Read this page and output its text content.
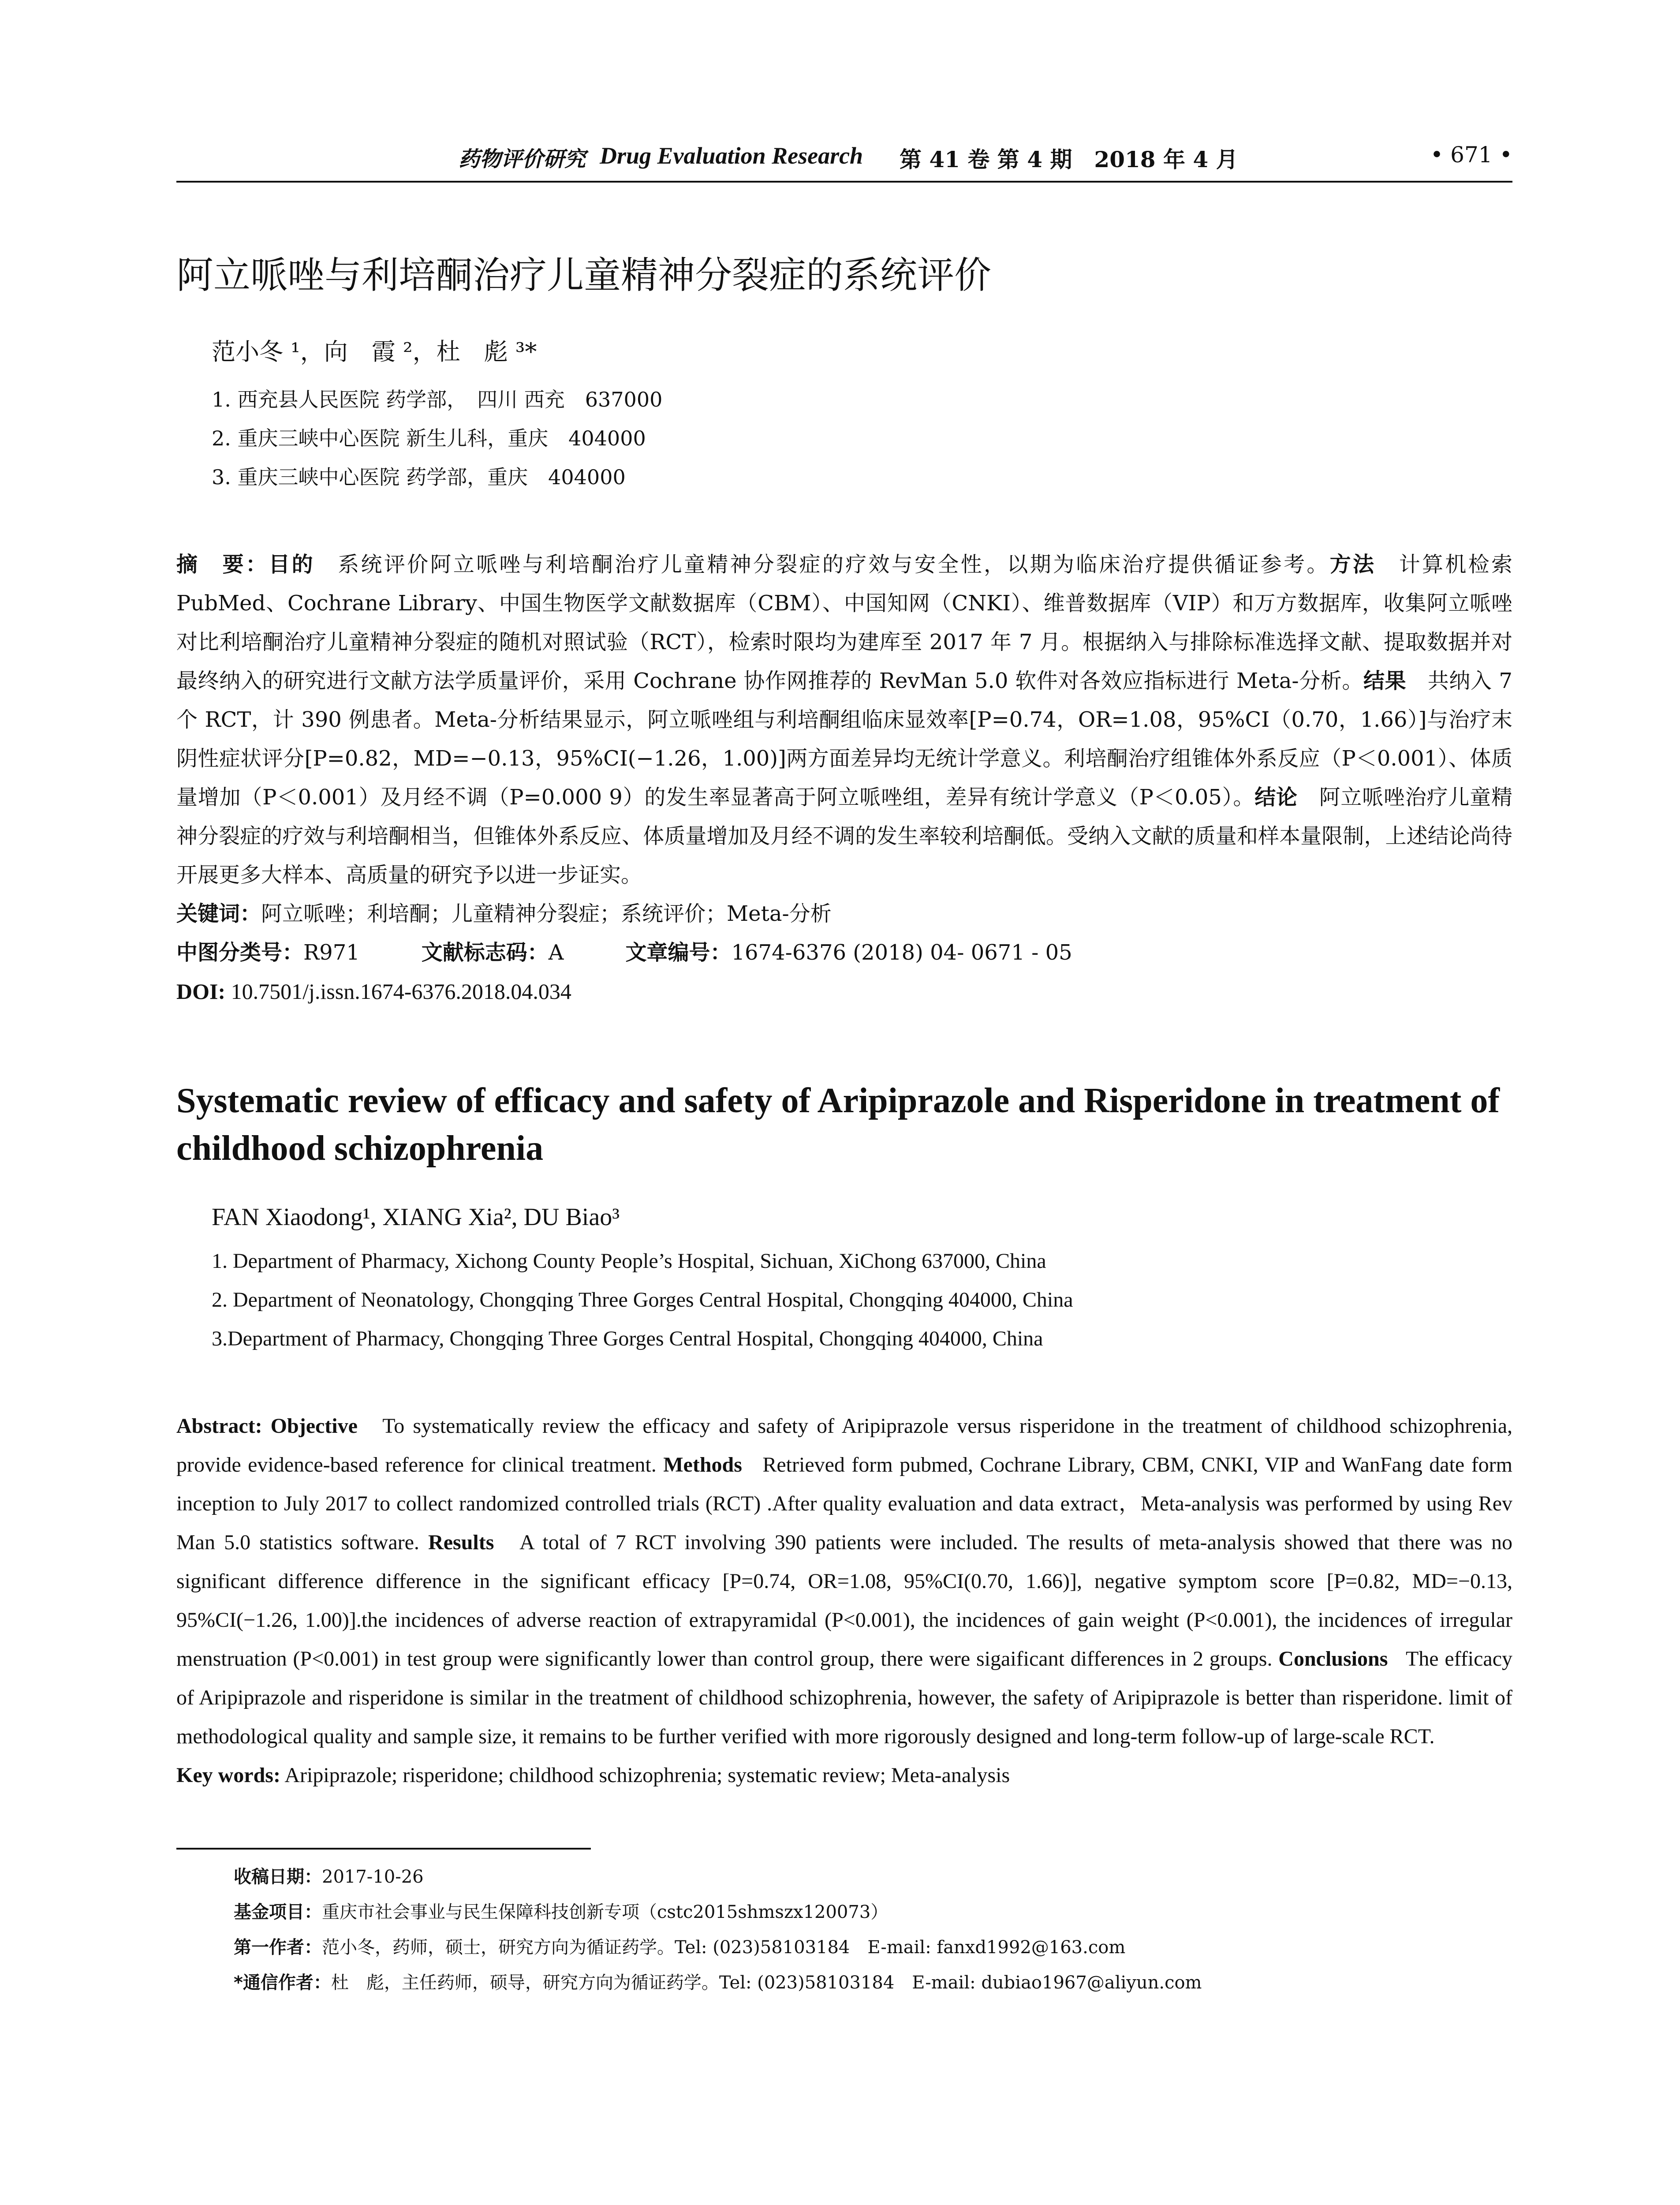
药物评价研究 Drug Evaluation Research 第 41 卷 第 4 期　2018 年 4 月	• 671 •
阿立哌唑与利培酮治疗儿童精神分裂症的系统评价
范小冬 ¹，向　霞 ²，杜　彪 ³*
1. 西充县人民医院 药学部，　四川 西充　637000
2. 重庆三峡中心医院 新生儿科，重庆　404000
3. 重庆三峡中心医院 药学部，重庆　404000
摘　要：目的　 系统评价阿立哌唑与利培酮治疗儿童精神分裂症的疗效与安全性，以期为临床治疗提供循证参考。方法　 计算机检索 PubMed、Cochrane Library、中国生物医学文献数据库（CBM）、中国知网（CNKI）、维普数据库（VIP）和万方数据库，收集阿立哌唑对比利培酮治疗儿童精神分裂症的随机对照试验（RCT），检索时限均为建库至 2017 年 7 月。根据纳入与排除标准选择文献、提取数据并对最终纳入的研究进行文献方法学质量评价，采用 Cochrane 协作网推荐的 RevMan 5.0 软件对各效应指标进行 Meta-分析。结果　 共纳入 7 个 RCT，计 390 例患者。Meta-分析结果显示，阿立哌唑组与利培酮组临床显效率[P=0.74，OR=1.08，95%CI（0.70，1.66）]与治疗末阴性症状评分[P=0.82，MD=−0.13，95%CI(−1.26，1.00)]两方面差异均无统计学意义。利培酮治疗组锥体外系反应（P＜0.001）、体质量增加（P＜0.001）及月经不调（P=0.000 9）的发生率显著高于阿立哌唑组，差异有统计学意义（P＜0.05）。结论　 阿立哌唑治疗儿童精神分裂症的疗效与利培酮相当，但锥体外系反应、体质量增加及月经不调的发生率较利培酮低。受纳入文献的质量和样本量限制，上述结论尚待开展更多大样本、高质量的研究予以进一步证实。
关键词：阿立哌唑；利培酮；儿童精神分裂症；系统评价；Meta-分析
中图分类号：R971	文献标志码：A	文章编号：1674-6376 (2018) 04- 0671 - 05
DOI: 10.7501/j.issn.1674-6376.2018.04.034
Systematic review of efficacy and safety of Aripiprazole and Risperidone in treatment of childhood schizophrenia
FAN Xiaodong¹, XIANG Xia², DU Biao³
1. Department of Pharmacy, Xichong County People’s Hospital, Sichuan, XiChong 637000, China
2. Department of Neonatology, Chongqing Three Gorges Central Hospital, Chongqing 404000, China
3.Department of Pharmacy, Chongqing Three Gorges Central Hospital, Chongqing 404000, China
Abstract: Objective To systematically review the efficacy and safety of Aripiprazole versus risperidone in the treatment of childhood schizophrenia, provide evidence-based reference for clinical treatment. Methods Retrieved form pubmed, Cochrane Library, CBM, CNKI, VIP and WanFang date form inception to July 2017 to collect randomized controlled trials (RCT) .After quality evaluation and data extract，Meta-analysis was performed by using Rev Man 5.0 statistics software. Results A total of 7 RCT involving 390 patients were included. The results of meta-analysis showed that there was no significant difference difference in the significant efficacy [P=0.74, OR=1.08, 95%CI(0.70, 1.66)], negative symptom score [P=0.82, MD=−0.13, 95%CI(−1.26, 1.00)].the incidences of adverse reaction of extrapyramidal (P<0.001), the incidences of gain weight (P<0.001), the incidences of irregular menstruation (P<0.001) in test group were significantly lower than control group, there were sigaificant differences in 2 groups. Conclusions The efficacy of Aripiprazole and risperidone is similar in the treatment of childhood schizophrenia, however, the safety of Aripiprazole is better than risperidone. limit of methodological quality and sample size, it remains to be further verified with more rigorously designed and long-term follow-up of large-scale RCT.
Key words: Aripiprazole; risperidone; childhood schizophrenia; systematic review; Meta-analysis
收稿日期：2017-10-26
基金项目：重庆市社会事业与民生保障科技创新专项（cstc2015shmszx120073）
第一作者：范小冬，药师，硕士，研究方向为循证药学。Tel: (023)58103184　E-mail: fanxd1992@163.com
*通信作者：杜　彪，主任药师，硕导，研究方向为循证药学。Tel: (023)58103184　E-mail: dubiao1967@aliyun.com
